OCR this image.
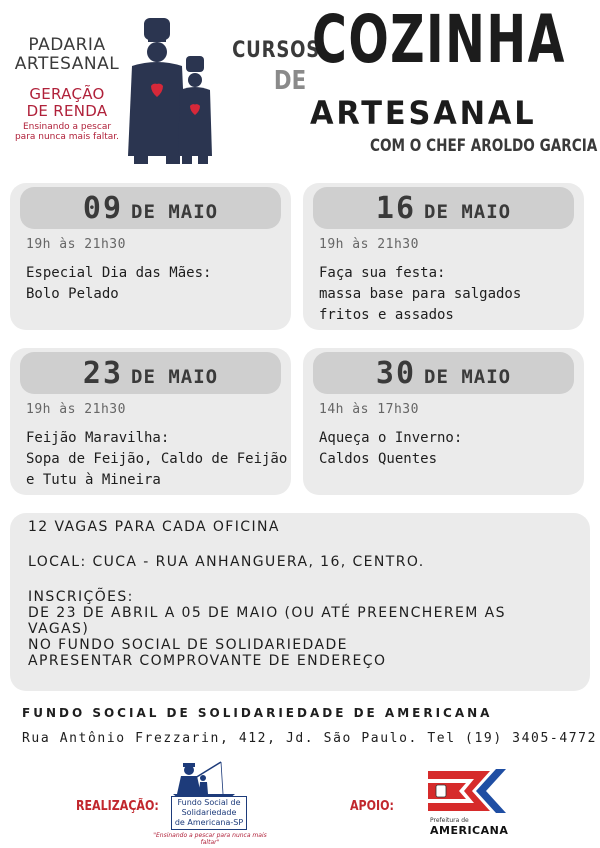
PADARIA
ARTESANAL
GERAÇÃO
DE RENDA
Ensinando a pescar
para nunca mais faltar.
CURSOS
DE
COZINHA
ARTESANAL
COM O CHEF AROLDO GARCIA
09 DE MAIO
19h às 21h30
Especial Dia das Mães:
Bolo Pelado
16 DE MAIO
19h às 21h30
Faça sua festa:
massa base para salgados
fritos e assados
23 DE MAIO
19h às 21h30
Feijão Maravilha:
Sopa de Feijão, Caldo de Feijão
e Tutu à Mineira
30 DE MAIO
14h às 17h30
Aqueça o Inverno:
Caldos Quentes
12 VAGAS PARA CADA OFICINA
LOCAL: CUCA - RUA ANHANGUERA, 16, CENTRO.
INSCRIÇÕES:
DE 23 DE ABRIL A 05 DE MAIO (OU ATÉ PREENCHEREM AS
VAGAS)
NO FUNDO SOCIAL DE SOLIDARIEDADE
APRESENTAR COMPROVANTE DE ENDEREÇO
FUNDO SOCIAL DE SOLIDARIEDADE DE AMERICANA
Rua Antônio Frezzarin, 412, Jd. São Paulo. Tel (19) 3405-4772
REALIZAÇÃO:	Fundo Social de
Solidariedade
de Americana-SP
"Ensinando a pescar para nunca mais faltar"
APOIO:
Prefeitura de
AMERICANA
